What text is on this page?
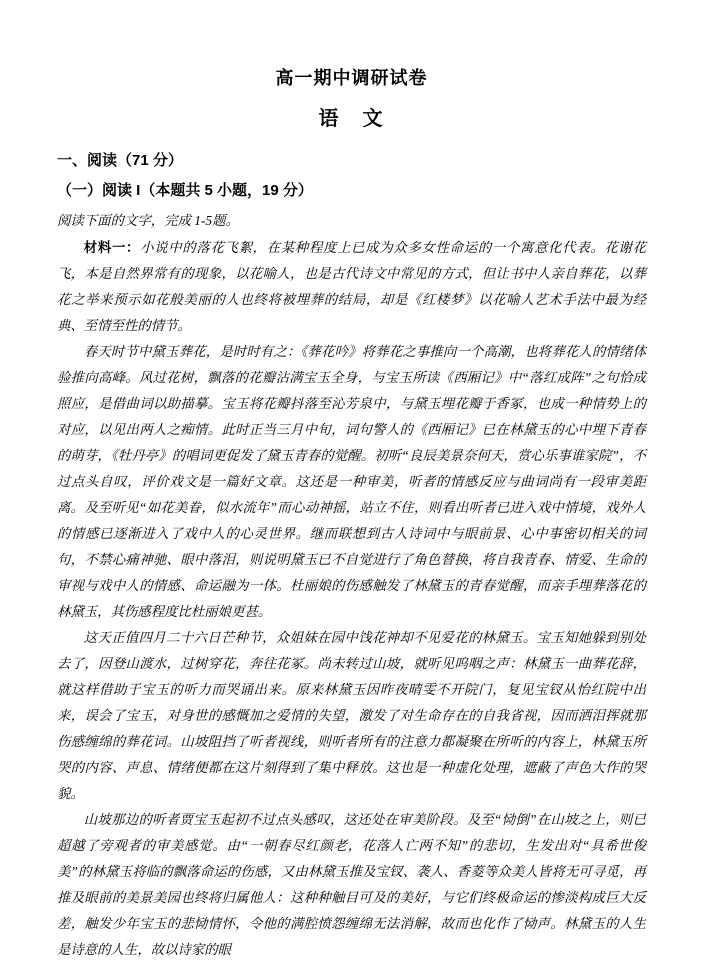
高一期中调研试卷
语　文
一、阅读（71 分）
（一）阅读 I（本题共 5 小题，19 分）

阅读下面的文字，完成 1-5题。

材料一：小说中的落花飞絮，在某种程度上已成为众多女性命运的一个寓意化代表。花谢花飞，本是自然界常有的现象，以花喻人，也是古代诗文中常见的方式，但让书中人亲自葬花，以葬花之举来预示如花般美丽的人也终将被埋葬的结局，却是《红楼梦》以花喻人艺术手法中最为经典、至情至性的情节。

春天时节中黛玉葬花，是时时有之：《葬花吟》将葬花之事推向一个高潮，也将葬花人的情绪体验推向高峰。风过花树，飘落的花瓣沾满宝玉全身，与宝玉所读《西厢记》中“落红成阵”之句恰成照应，是借曲词以助描摹。宝玉将花瓣抖落至沁芳泉中，与黛玉埋花瓣于香冢，也成一种情势上的对应，以见出两人之痴情。此时正当三月中旬，词句警人的《西厢记》已在林黛玉的心中埋下青春的萌芽，《牡丹亭》的唱词更促发了黛玉青春的觉醒。初听“良辰美景奈何天，赏心乐事谁家院”，不过点头自叹，评价戏文是一篇好文章。这还是一种审美，听者的情感反应与曲词尚有一段审美距离。及至听见“如花美眷，似水流年”而心动神摇，站立不住，则看出听者已进入戏中情境，戏外人的情感已逐渐进入了戏中人的心灵世界。继而联想到古人诗词中与眼前景、心中事密切相关的词句，不禁心痛神驰、眼中落泪，则说明黛玉已不自觉进行了角色替换，将自我青春、情爱、生命的审视与戏中人的情感、命运融为一体。杜丽娘的伤感触发了林黛玉的青春觉醒，而亲手埋葬落花的林黛玉，其伤感程度比杜丽娘更甚。

这天正值四月二十六日芒种节，众姐妹在园中饯花神却不见爱花的林黛玉。宝玉知她躲到别处去了，因登山渡水，过树穿花，奔往花冢。尚未转过山坡，就听见呜咽之声：林黛玉一曲葬花辞，就这样借助于宝玉的听力而哭诵出来。原来林黛玉因昨夜晴雯不开院门，复见宝钗从怡红院中出来，误会了宝玉，对身世的感慨加之爱情的失望，激发了对生命存在的自我省视，因而洒泪挥就那伤感缠绵的葬花词。山坡阻挡了听者视线，则听者所有的注意力都凝聚在所听的内容上，林黛玉所哭的内容、声息、情绪便都在这片刻得到了集中释放。这也是一种虚化处理，遮蔽了声色大作的哭貌。

山坡那边的听者贾宝玉起初不过点头感叹，这还处在审美阶段。及至“恸倒”在山坡之上，则已超越了旁观者的审美感觉。由“一朝春尽红颜老，花落人亡两不知”的悲切，生发出对“具希世俊美”的林黛玉将临的飘落命运的伤感，又由林黛玉推及宝钗、袭人、香菱等众美人皆将无可寻觅，再推及眼前的美景美园也终将归属他人：这种种触目可及的美好，与它们终极命运的惨淡构成巨大反差，触发少年宝玉的悲恸情怀，令他的满腔愤怨缠绵无法消解，故而也化作了恸声。林黛玉的人生是诗意的人生，故以诗家的眼
